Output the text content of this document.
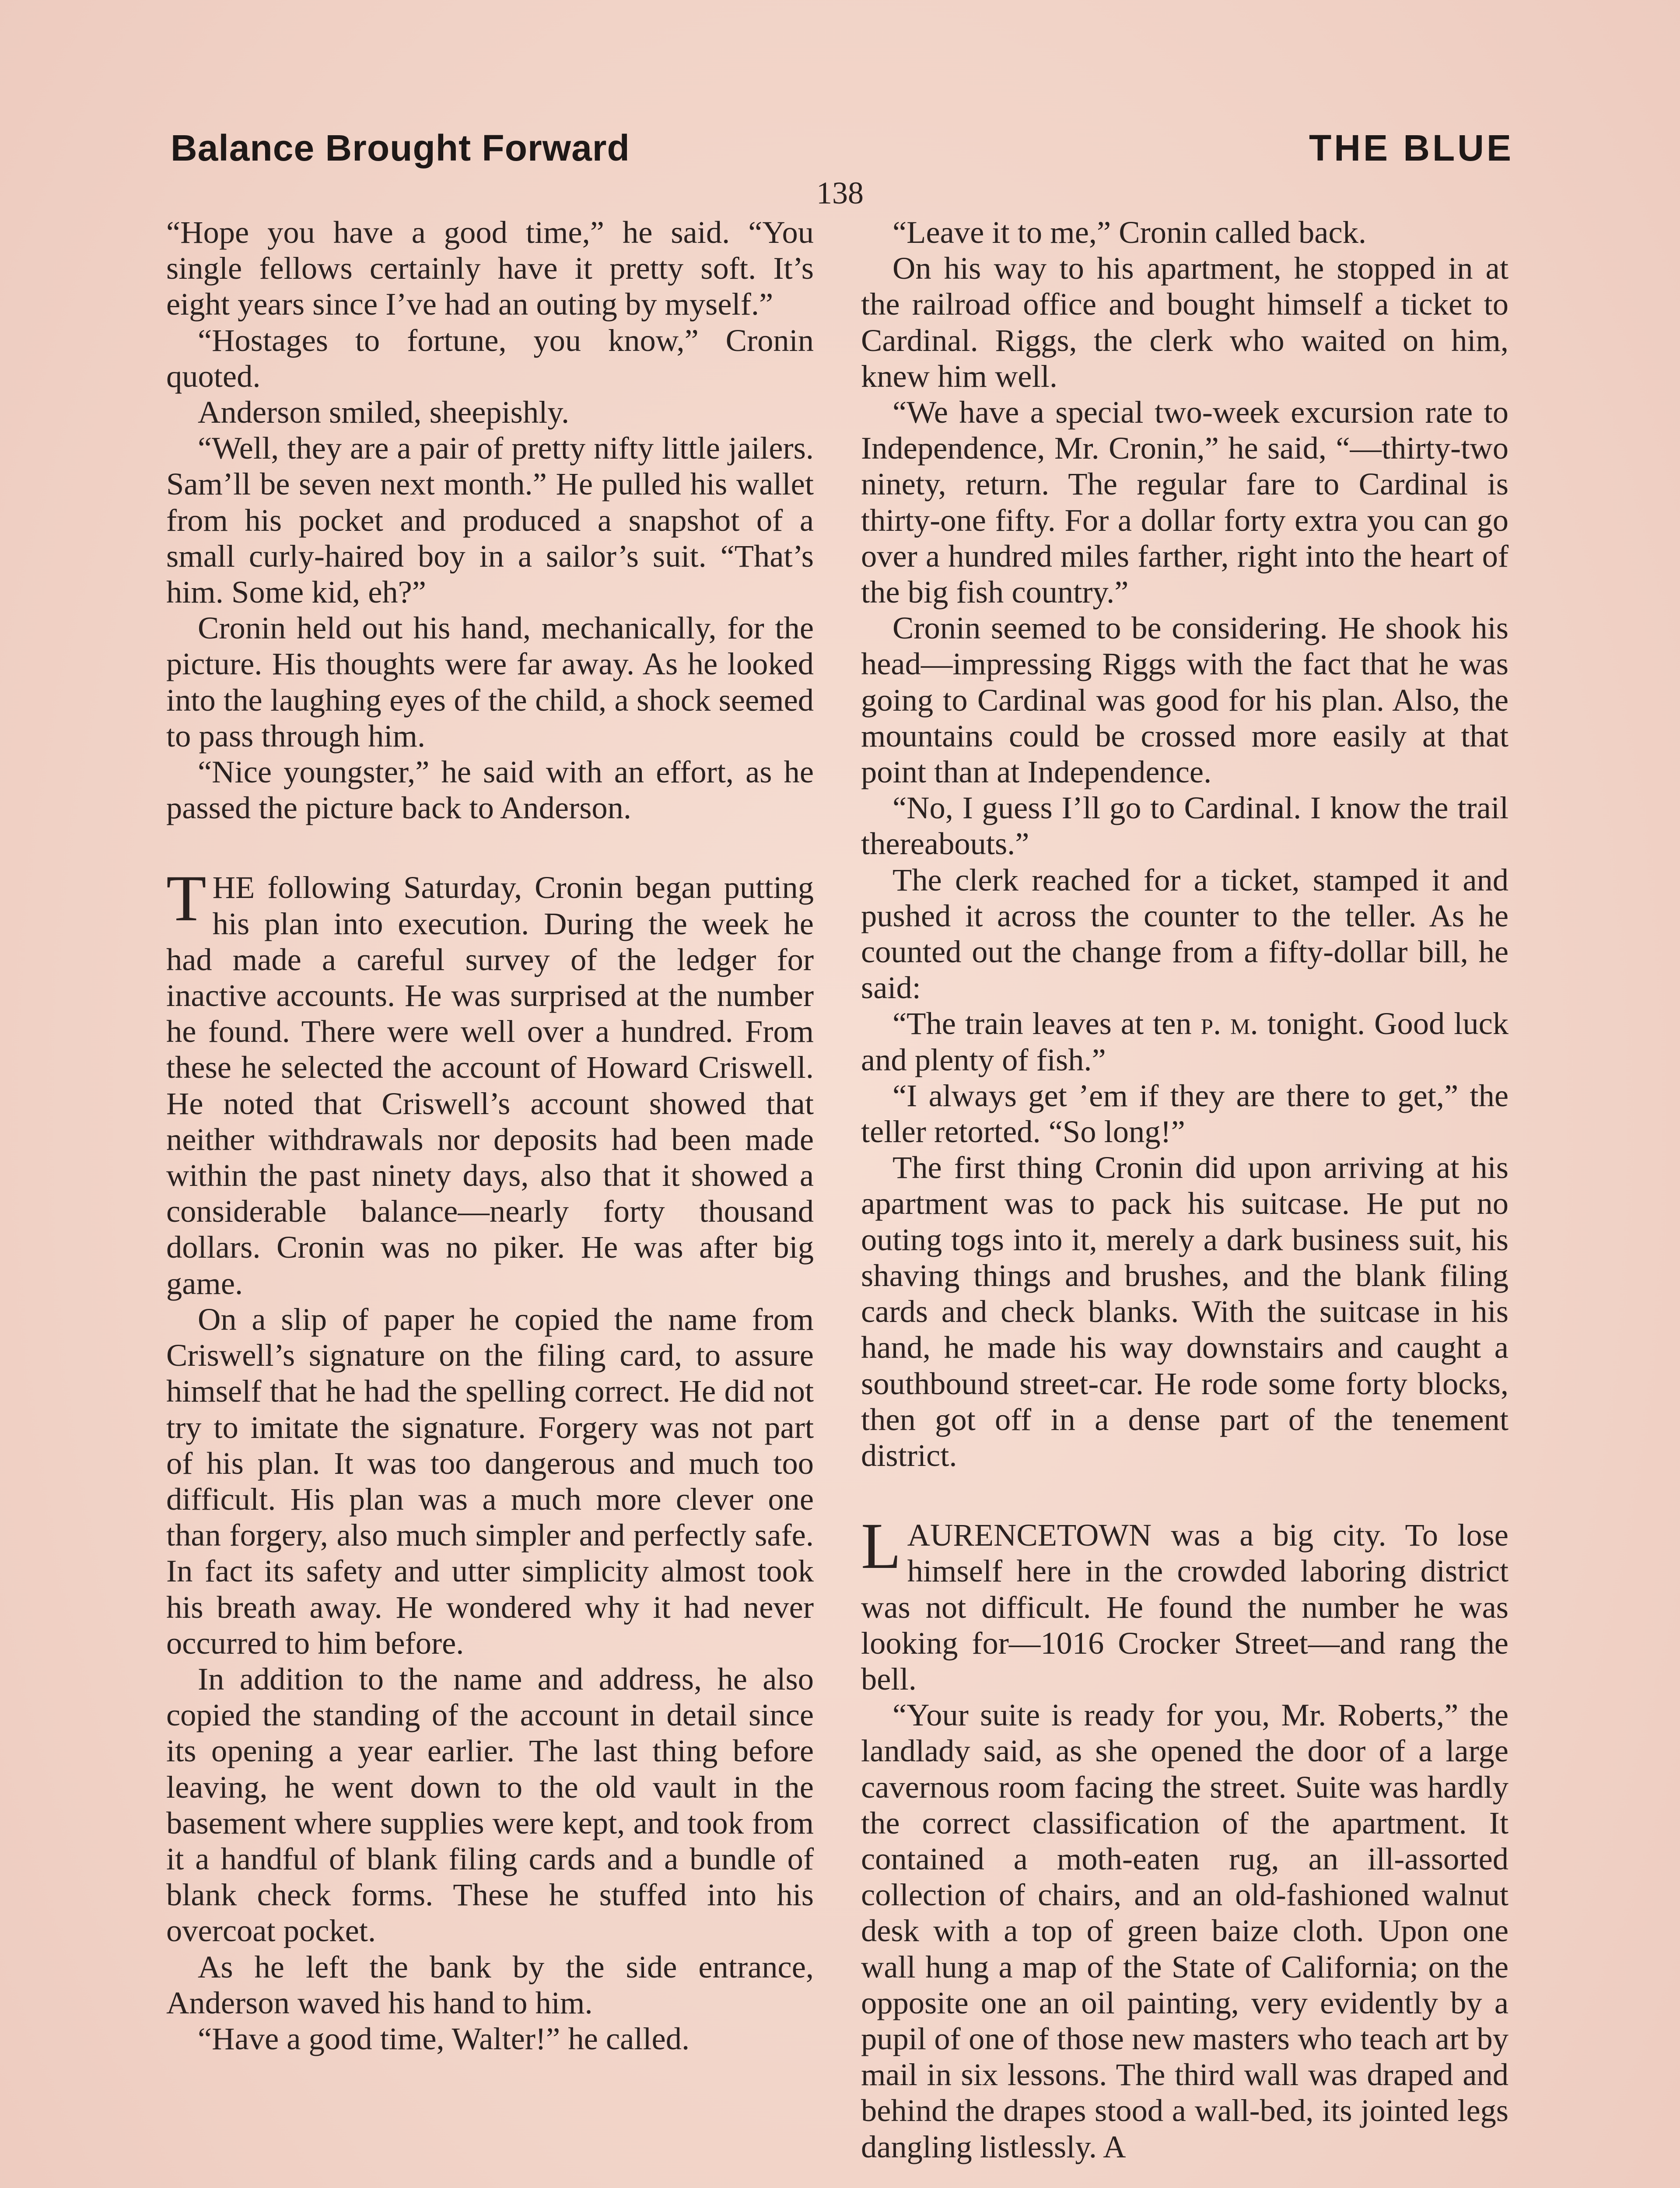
Balance Brought Forward	THE BLUE
138

“Hope you have a good time,” he said. “You single fellows certainly have it pretty soft. It’s eight years since I’ve had an outing by myself.”

“Hostages to fortune, you know,” Cronin quoted.

Anderson smiled, sheepishly.

“Well, they are a pair of pretty nifty little jailers. Sam’ll be seven next month.” He pulled his wallet from his pocket and produced a snapshot of a small curly-haired boy in a sailor’s suit. “That’s him. Some kid, eh?”

Cronin held out his hand, mechanically, for the picture. His thoughts were far away. As he looked into the laughing eyes of the child, a shock seemed to pass through him.

“Nice youngster,” he said with an effort, as he passed the picture back to Anderson.

THE following Saturday, Cronin began putting his plan into execution. During the week he had made a careful survey of the ledger for inactive accounts. He was surprised at the number he found. There were well over a hundred. From these he selected the account of Howard Criswell. He noted that Criswell’s account showed that neither withdrawals nor deposits had been made within the past ninety days, also that it showed a considerable balance—nearly forty thousand dollars. Cronin was no piker. He was after big game.

On a slip of paper he copied the name from Criswell’s signature on the filing card, to assure himself that he had the spelling correct. He did not try to imitate the signature. Forgery was not part of his plan. It was too dangerous and much too difficult. His plan was a much more clever one than forgery, also much simpler and perfectly safe. In fact its safety and utter simplicity almost took his breath away. He wondered why it had never occurred to him before.

In addition to the name and address, he also copied the standing of the account in detail since its opening a year earlier. The last thing before leaving, he went down to the old vault in the basement where supplies were kept, and took from it a handful of blank filing cards and a bundle of blank check forms. These he stuffed into his overcoat pocket.

As he left the bank by the side entrance, Anderson waved his hand to him.

“Have a good time, Walter!” he called.

“Leave it to me,” Cronin called back.

On his way to his apartment, he stopped in at the railroad office and bought himself a ticket to Cardinal. Riggs, the clerk who waited on him, knew him well.

“We have a special two-week excursion rate to Independence, Mr. Cronin,” he said, “—thirty-two ninety, return. The regular fare to Cardinal is thirty-one fifty. For a dollar forty extra you can go over a hundred miles farther, right into the heart of the big fish country.”

Cronin seemed to be considering. He shook his head—impressing Riggs with the fact that he was going to Cardinal was good for his plan. Also, the mountains could be crossed more easily at that point than at Independence.

“No, I guess I’ll go to Cardinal. I know the trail thereabouts.”

The clerk reached for a ticket, stamped it and pushed it across the counter to the teller. As he counted out the change from a fifty-dollar bill, he said:

“The train leaves at ten p. m. tonight. Good luck and plenty of fish.”

“I always get ’em if they are there to get,” the teller retorted. “So long!”

The first thing Cronin did upon arriving at his apartment was to pack his suitcase. He put no outing togs into it, merely a dark business suit, his shaving things and brushes, and the blank filing cards and check blanks. With the suitcase in his hand, he made his way downstairs and caught a southbound street-car. He rode some forty blocks, then got off in a dense part of the tenement district.

LAURENCETOWN was a big city. To lose himself here in the crowded laboring district was not difficult. He found the number he was looking for—1016 Crocker Street—and rang the bell.

“Your suite is ready for you, Mr. Roberts,” the landlady said, as she opened the door of a large cavernous room facing the street. Suite was hardly the correct classification of the apartment. It contained a moth-eaten rug, an ill-assorted collection of chairs, and an old-fashioned walnut desk with a top of green baize cloth. Upon one wall hung a map of the State of California; on the opposite one an oil painting, very evidently by a pupil of one of those new masters who teach art by mail in six lessons. The third wall was draped and behind the drapes stood a wall-bed, its jointed legs dangling listlessly. A
